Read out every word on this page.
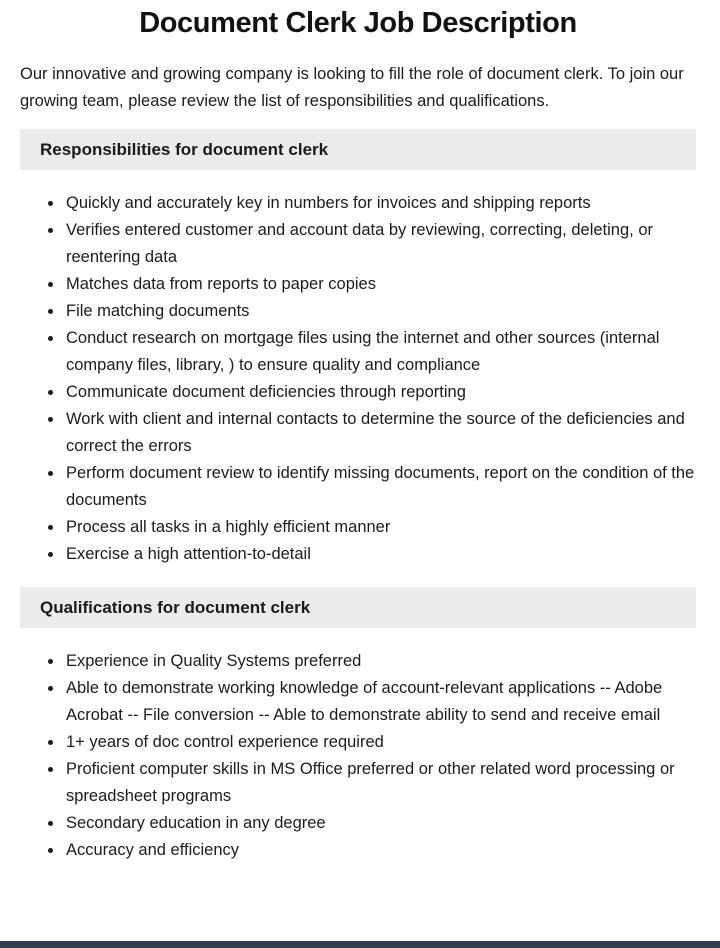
Document Clerk Job Description

Our innovative and growing company is looking to fill the role of document clerk. To join our growing team, please review the list of responsibilities and qualifications.

Responsibilities for document clerk
• Quickly and accurately key in numbers for invoices and shipping reports
• Verifies entered customer and account data by reviewing, correcting, deleting, or reentering data
• Matches data from reports to paper copies
• File matching documents
• Conduct research on mortgage files using the internet and other sources (internal company files, library, ) to ensure quality and compliance
• Communicate document deficiencies through reporting
• Work with client and internal contacts to determine the source of the deficiencies and correct the errors
• Perform document review to identify missing documents, report on the condition of the documents
• Process all tasks in a highly efficient manner
• Exercise a high attention-to-detail
Qualifications for document clerk
• Experience in Quality Systems preferred
• Able to demonstrate working knowledge of account-relevant applications -- Adobe Acrobat -- File conversion -- Able to demonstrate ability to send and receive email
• 1+ years of doc control experience required
• Proficient computer skills in MS Office preferred or other related word processing or spreadsheet programs
• Secondary education in any degree
• Accuracy and efficiency
